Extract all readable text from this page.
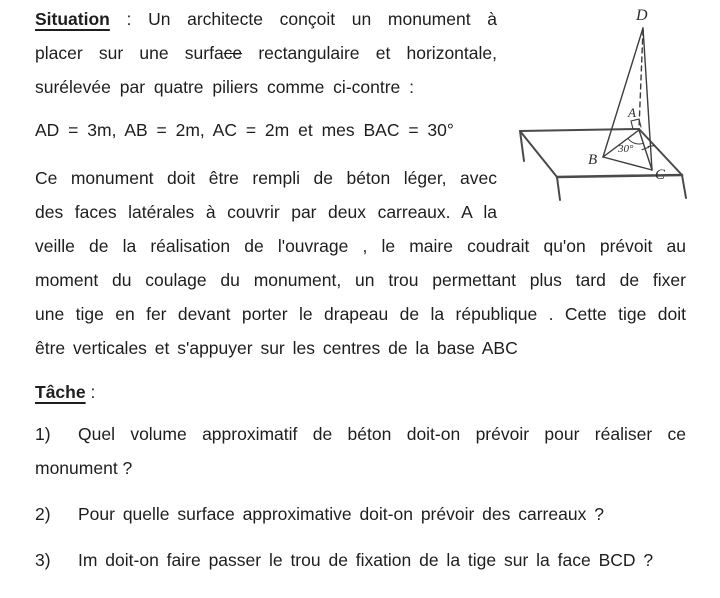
Situation : Un architecte conçoit un monument à
placer sur une surface rectangulaire et horizontale,
surélevée par quatre piliers comme ci-contre :
AD = 3m, AB = 2m, AC = 2m et mes BAC = 30°
Ce monument doit être rempli de béton léger, avec
des faces latérales à couvrir par deux carreaux. A la
veille de la réalisation de l'ouvrage , le maire coudrait qu'on prévoit au
moment du coulage du monument, un trou permettant plus tard de fixer
une tige en fer devant porter le drapeau de la république . Cette tige doit
être verticales et s'appuyer sur les centres de la base ABC
Tâche :
1) Quel volume approximatif de béton doit-on prévoir pour réaliser ce
monument ?
2) Pour quelle surface approximative doit-on prévoir des carreaux ?
3) Im doit-on faire passer le trou de fixation de la tige sur la face BCD ?
D
A
B
C
30°
